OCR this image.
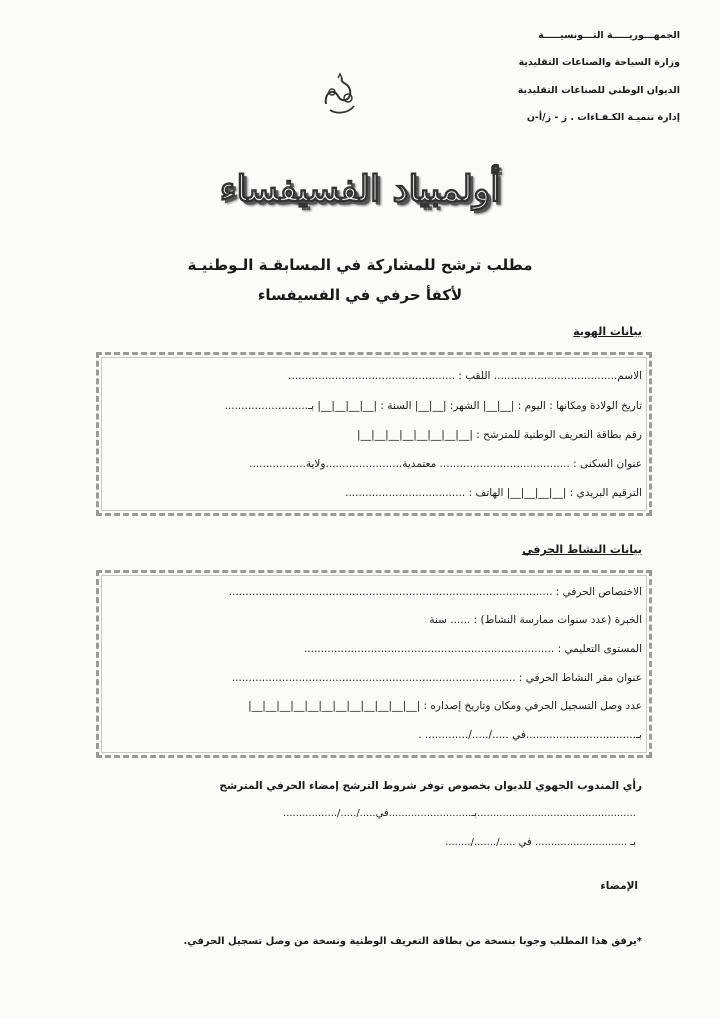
الجمهـــوريـــــة التـــونسيـــــة
وزارة السياحة والصناعات التقليدية
الديوان الوطني للصناعات التقليدية
إدارة تنميـة الكـفـاءات . ز - ز/أ-ن
أولمبياد الفسيفساء
مطلب ترشح للمشاركة في المسابقـة الـوطنيـة
لأكفأ حرفي في الفسيفساء
بيانات الهوية
الاسم..................................... اللقب : ..................................................
تاريخ الولادة ومكانها : اليوم : |__|__| الشهر: |__|__| السنة : |__|__|__|__| بـ.........................
رقم بطاقة التعريف الوطنية للمترشح : |__|__|__|__|__|__|__|__|
عنوان السكنى : ....................................... معتمدية.......................ولاية.................
الترقيم البريدي : |__|__|__|__| الهاتف : ....................................
بيانات النشاط الحرفي
الاختصاص الحرفي : .................................................................................................
الخبرة (عدد سنوات ممارسة النشاط) : ...... سنة
المستوى التعليمي : ...........................................................................
عنوان مقر النشاط الحرفي : .....................................................................................
عدد وصل التسجيل الحرفي ومكان وتاريخ إصداره : |__|__|__|__|__|__|__|__|__|__|__|__|
بـ.................................في ...../...../............. .
رأي المندوب الجهوي للديوان بخصوص توفر شروط الترشح إمضاء الحرفي المترشح
..................................................بـ..........................في...../...../.................
بـ ............................. في ...../......./........
الإمضاء
*يرفق هذا المطلب وجوبا بنسخة من بطاقة التعريف الوطنية ونسخة من وصل تسجيل الحرفي.
